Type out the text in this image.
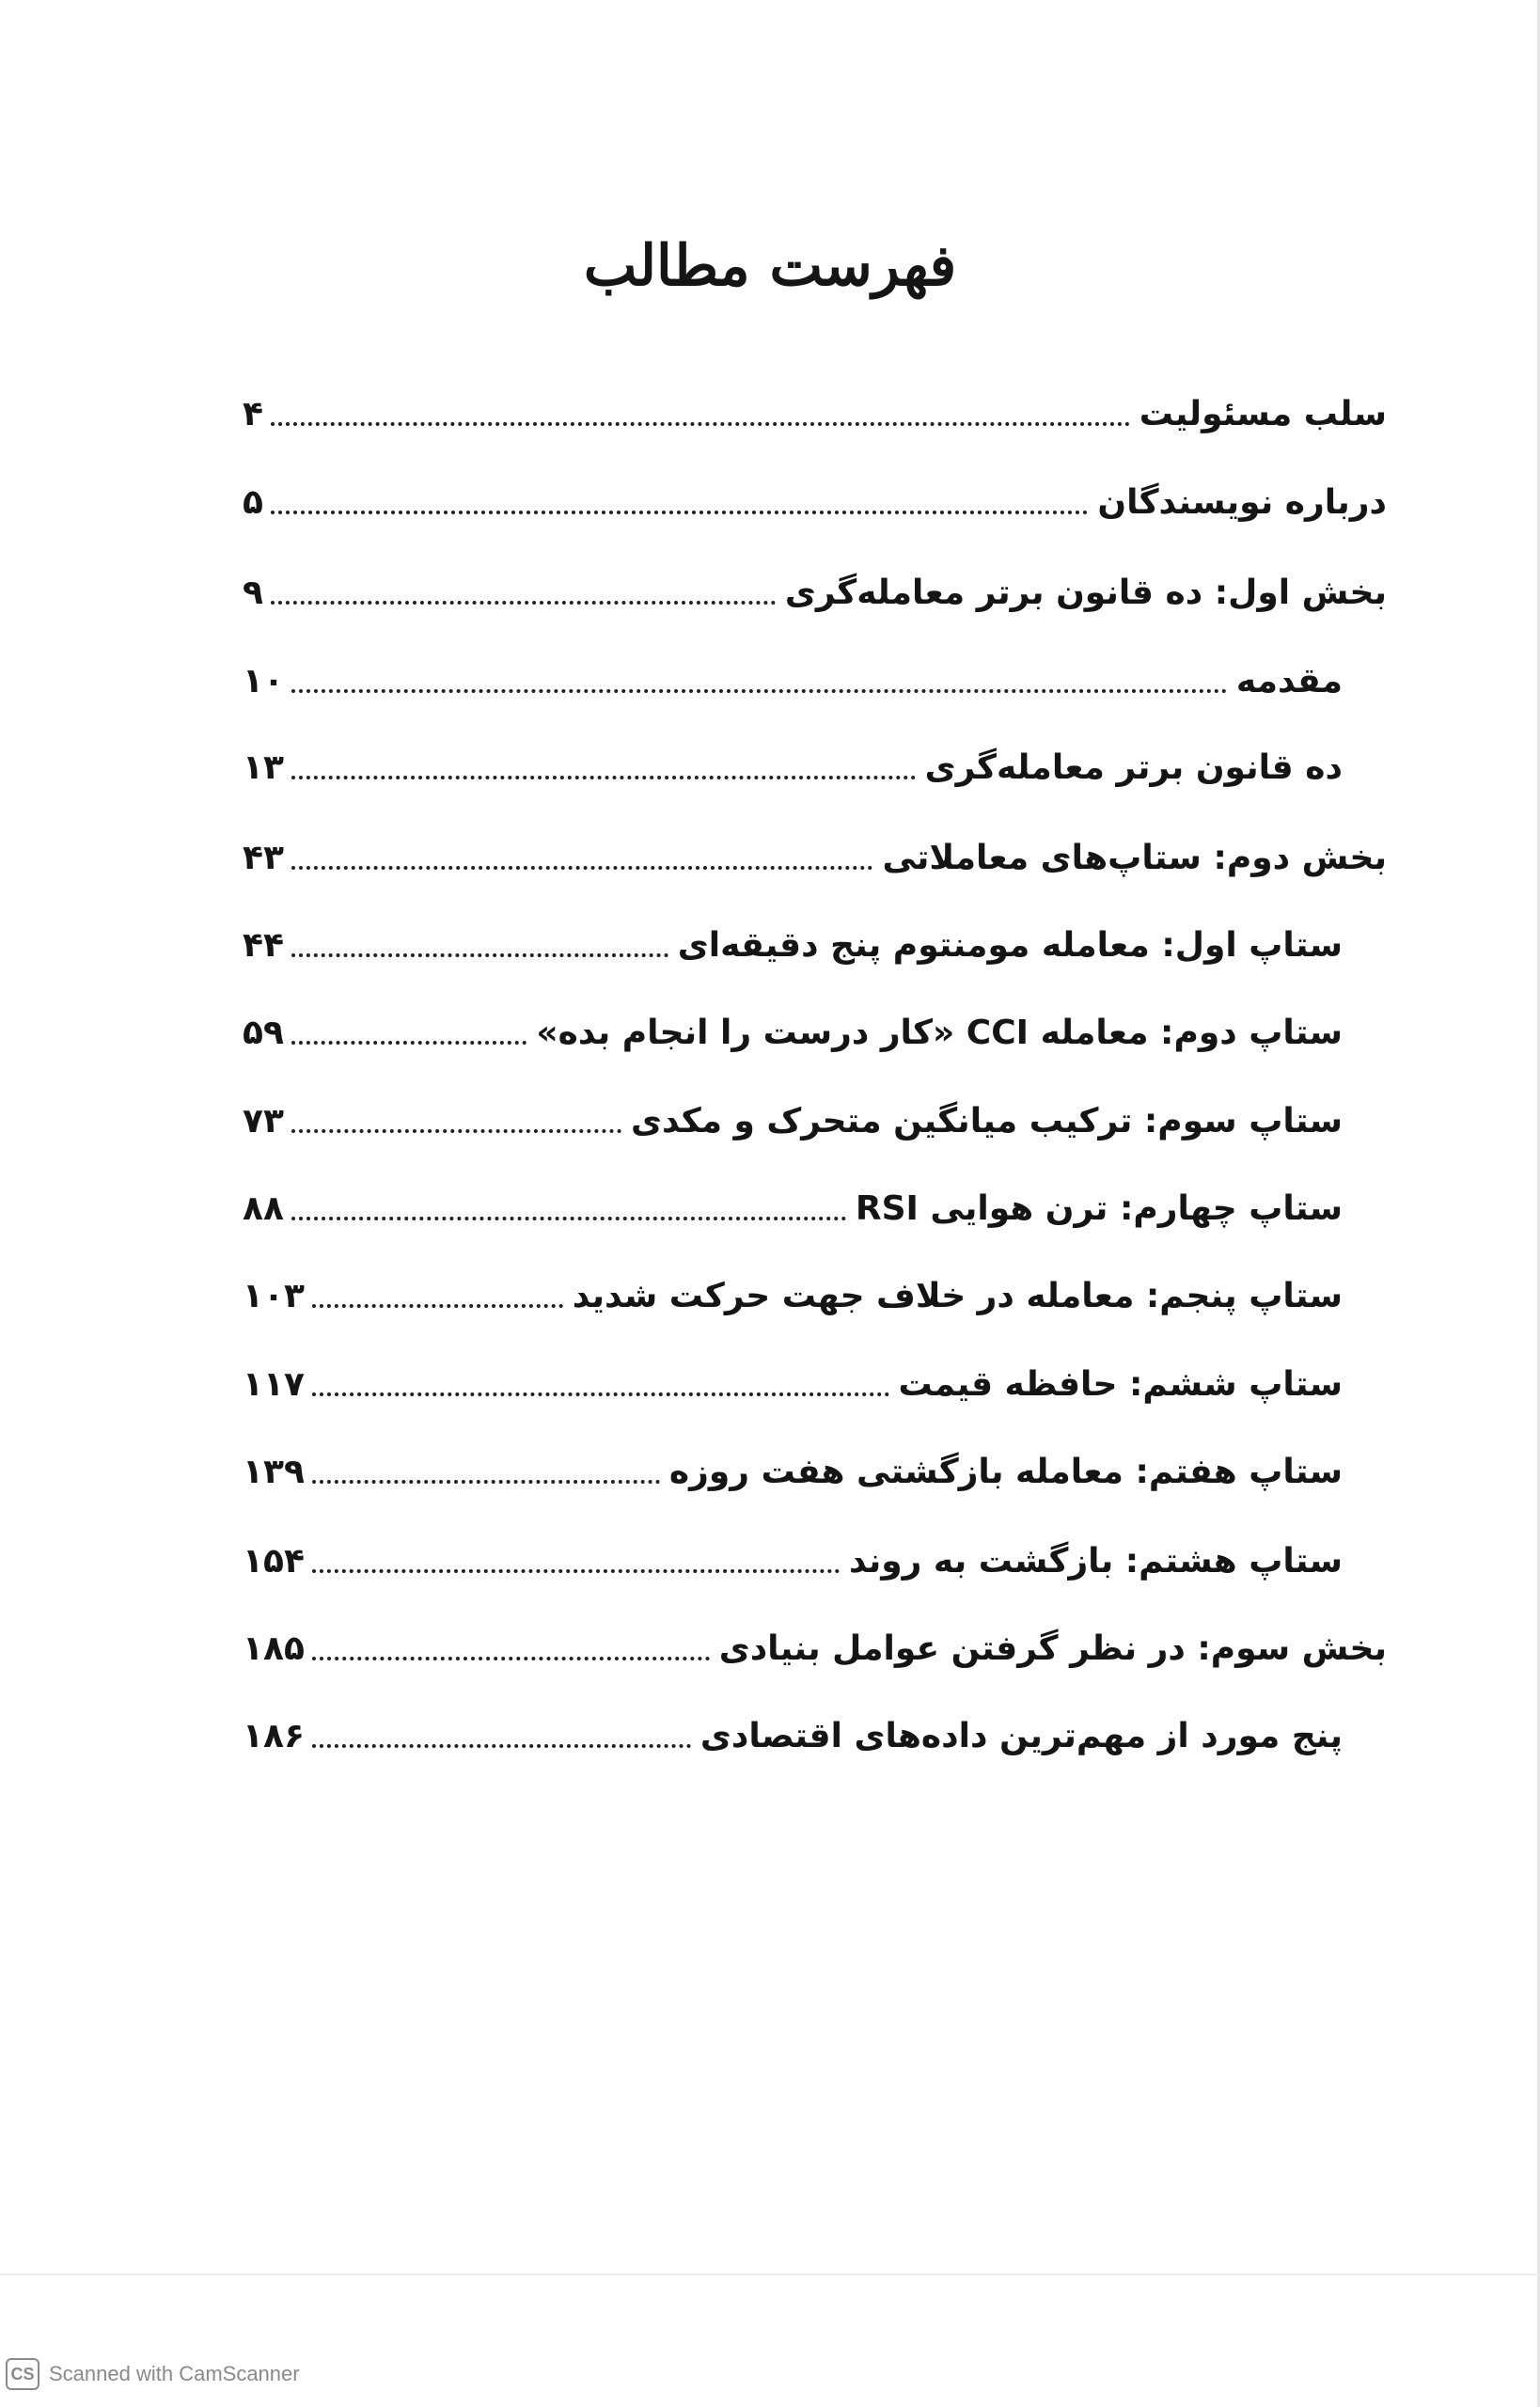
فهرست مطالب
سلب مسئولیت
۴
درباره نویسندگان
۵
بخش اول: ده قانون برتر معامله‌گری
۹
مقدمه
۱۰
ده قانون برتر معامله‌گری
۱۳
بخش دوم: ستاپ‌های معاملاتی
۴۳
ستاپ اول: معامله مومنتوم پنج دقیقه‌ای
۴۴
ستاپ دوم: معامله CCI «کار درست را انجام بده»
۵۹
ستاپ سوم: ترکیب میانگین متحرک و مکدی
۷۳
ستاپ چهارم: ترن هوایی RSI
۸۸
ستاپ پنجم: معامله در خلاف جهت حرکت شدید
۱۰۳
ستاپ ششم: حافظه قیمت
۱۱۷
ستاپ هفتم: معامله بازگشتی هفت روزه
۱۳۹
ستاپ هشتم: بازگشت به روند
۱۵۴
بخش سوم: در نظر گرفتن عوامل بنیادی
۱۸۵
پنج مورد از مهم‌ترین داده‌های اقتصادی
۱۸۶
CS Scanned with CamScanner
